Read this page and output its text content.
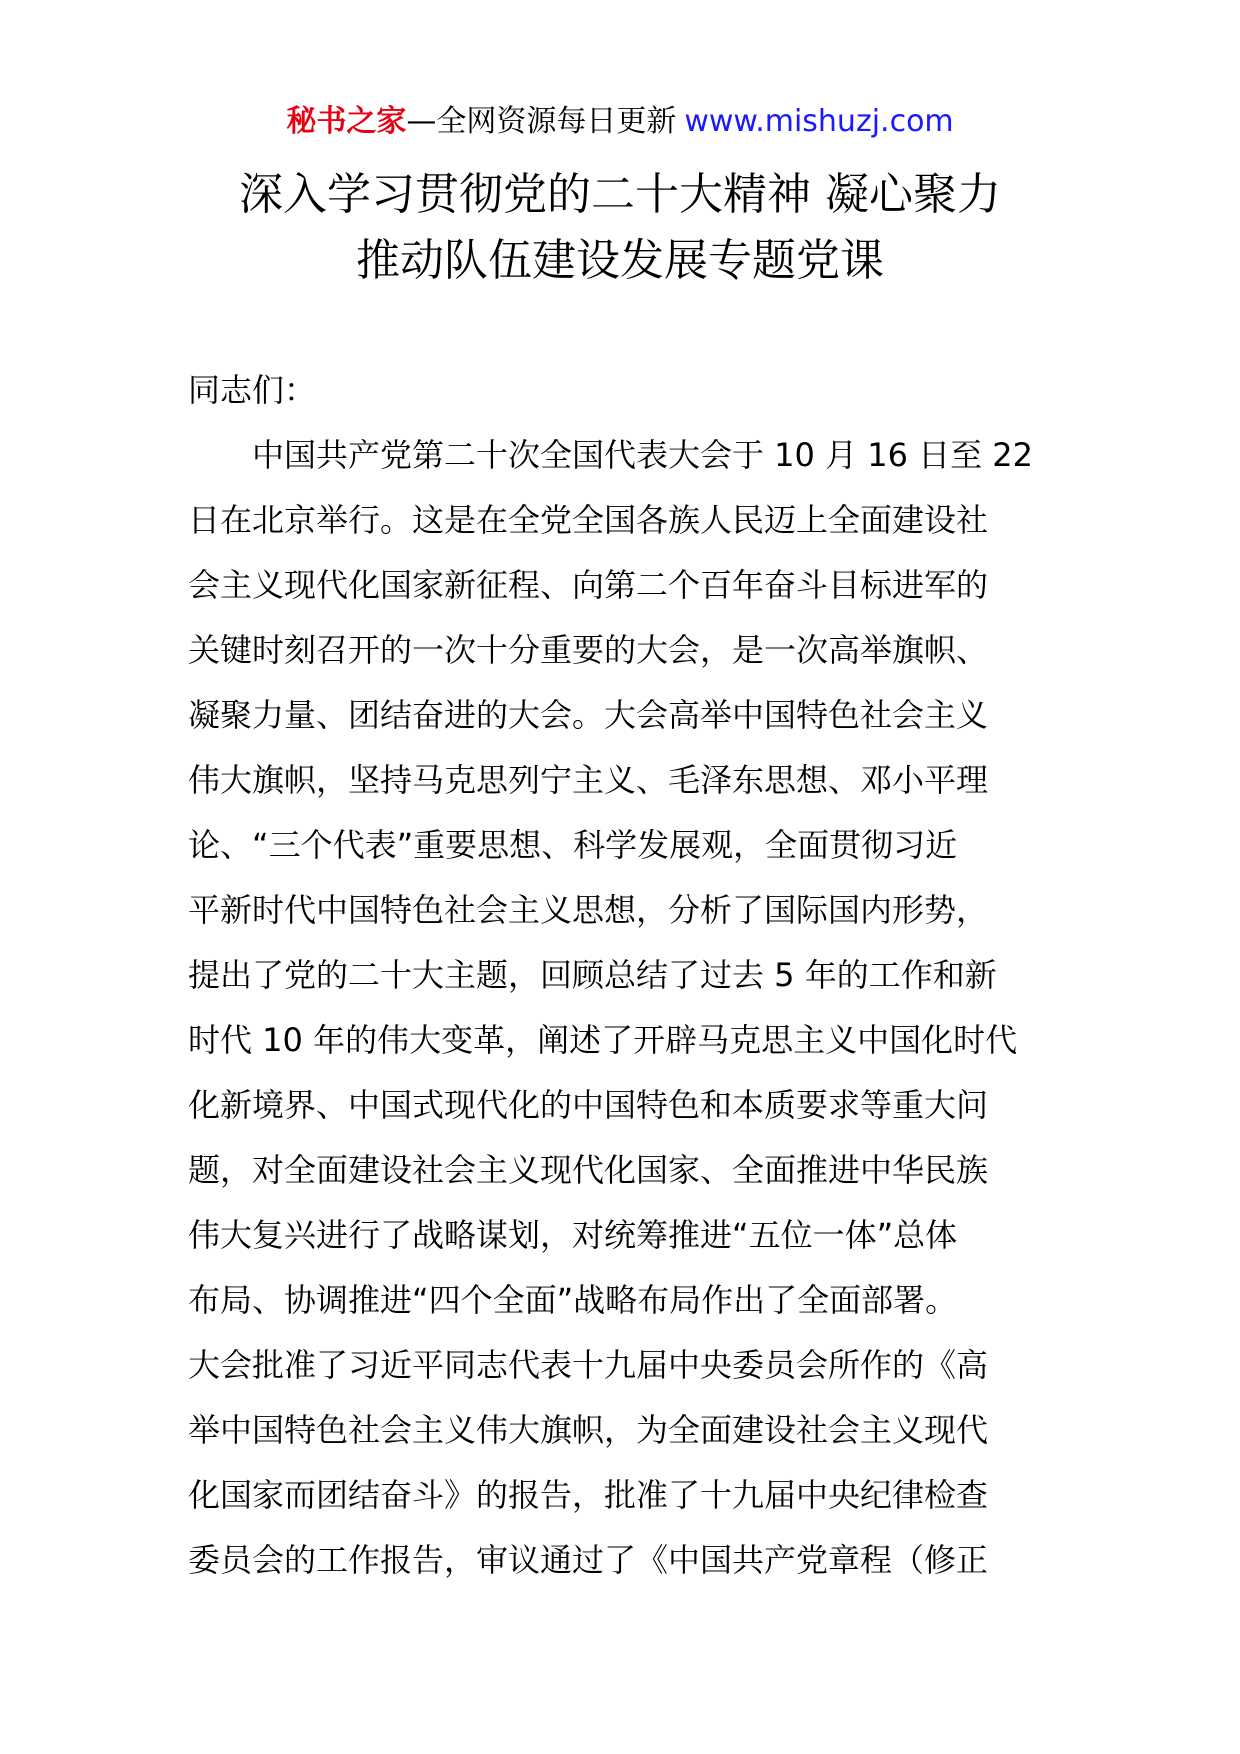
秘书之家—全网资源每日更新 www.mishuzj.com
深入学习贯彻党的二十大精神 凝心聚力
推动队伍建设发展专题党课
同志们：
中国共产党第二十次全国代表大会于 10 月 16 日至 22
日在北京举行。这是在全党全国各族人民迈上全面建设社
会主义现代化国家新征程、向第二个百年奋斗目标进军的
关键时刻召开的一次十分重要的大会，是一次高举旗帜、
凝聚力量、团结奋进的大会。大会高举中国特色社会主义
伟大旗帜，坚持马克思列宁主义、毛泽东思想、邓小平理
论、“三个代表”重要思想、科学发展观，全面贯彻习近
平新时代中国特色社会主义思想，分析了国际国内形势，
提出了党的二十大主题，回顾总结了过去 5 年的工作和新
时代 10 年的伟大变革，阐述了开辟马克思主义中国化时代
化新境界、中国式现代化的中国特色和本质要求等重大问
题，对全面建设社会主义现代化国家、全面推进中华民族
伟大复兴进行了战略谋划，对统筹推进“五位一体”总体
布局、协调推进“四个全面”战略布局作出了全面部署。
大会批准了习近平同志代表十九届中央委员会所作的《高
举中国特色社会主义伟大旗帜，为全面建设社会主义现代
化国家而团结奋斗》的报告，批准了十九届中央纪律检查
委员会的工作报告，审议通过了《中国共产党章程（修正
